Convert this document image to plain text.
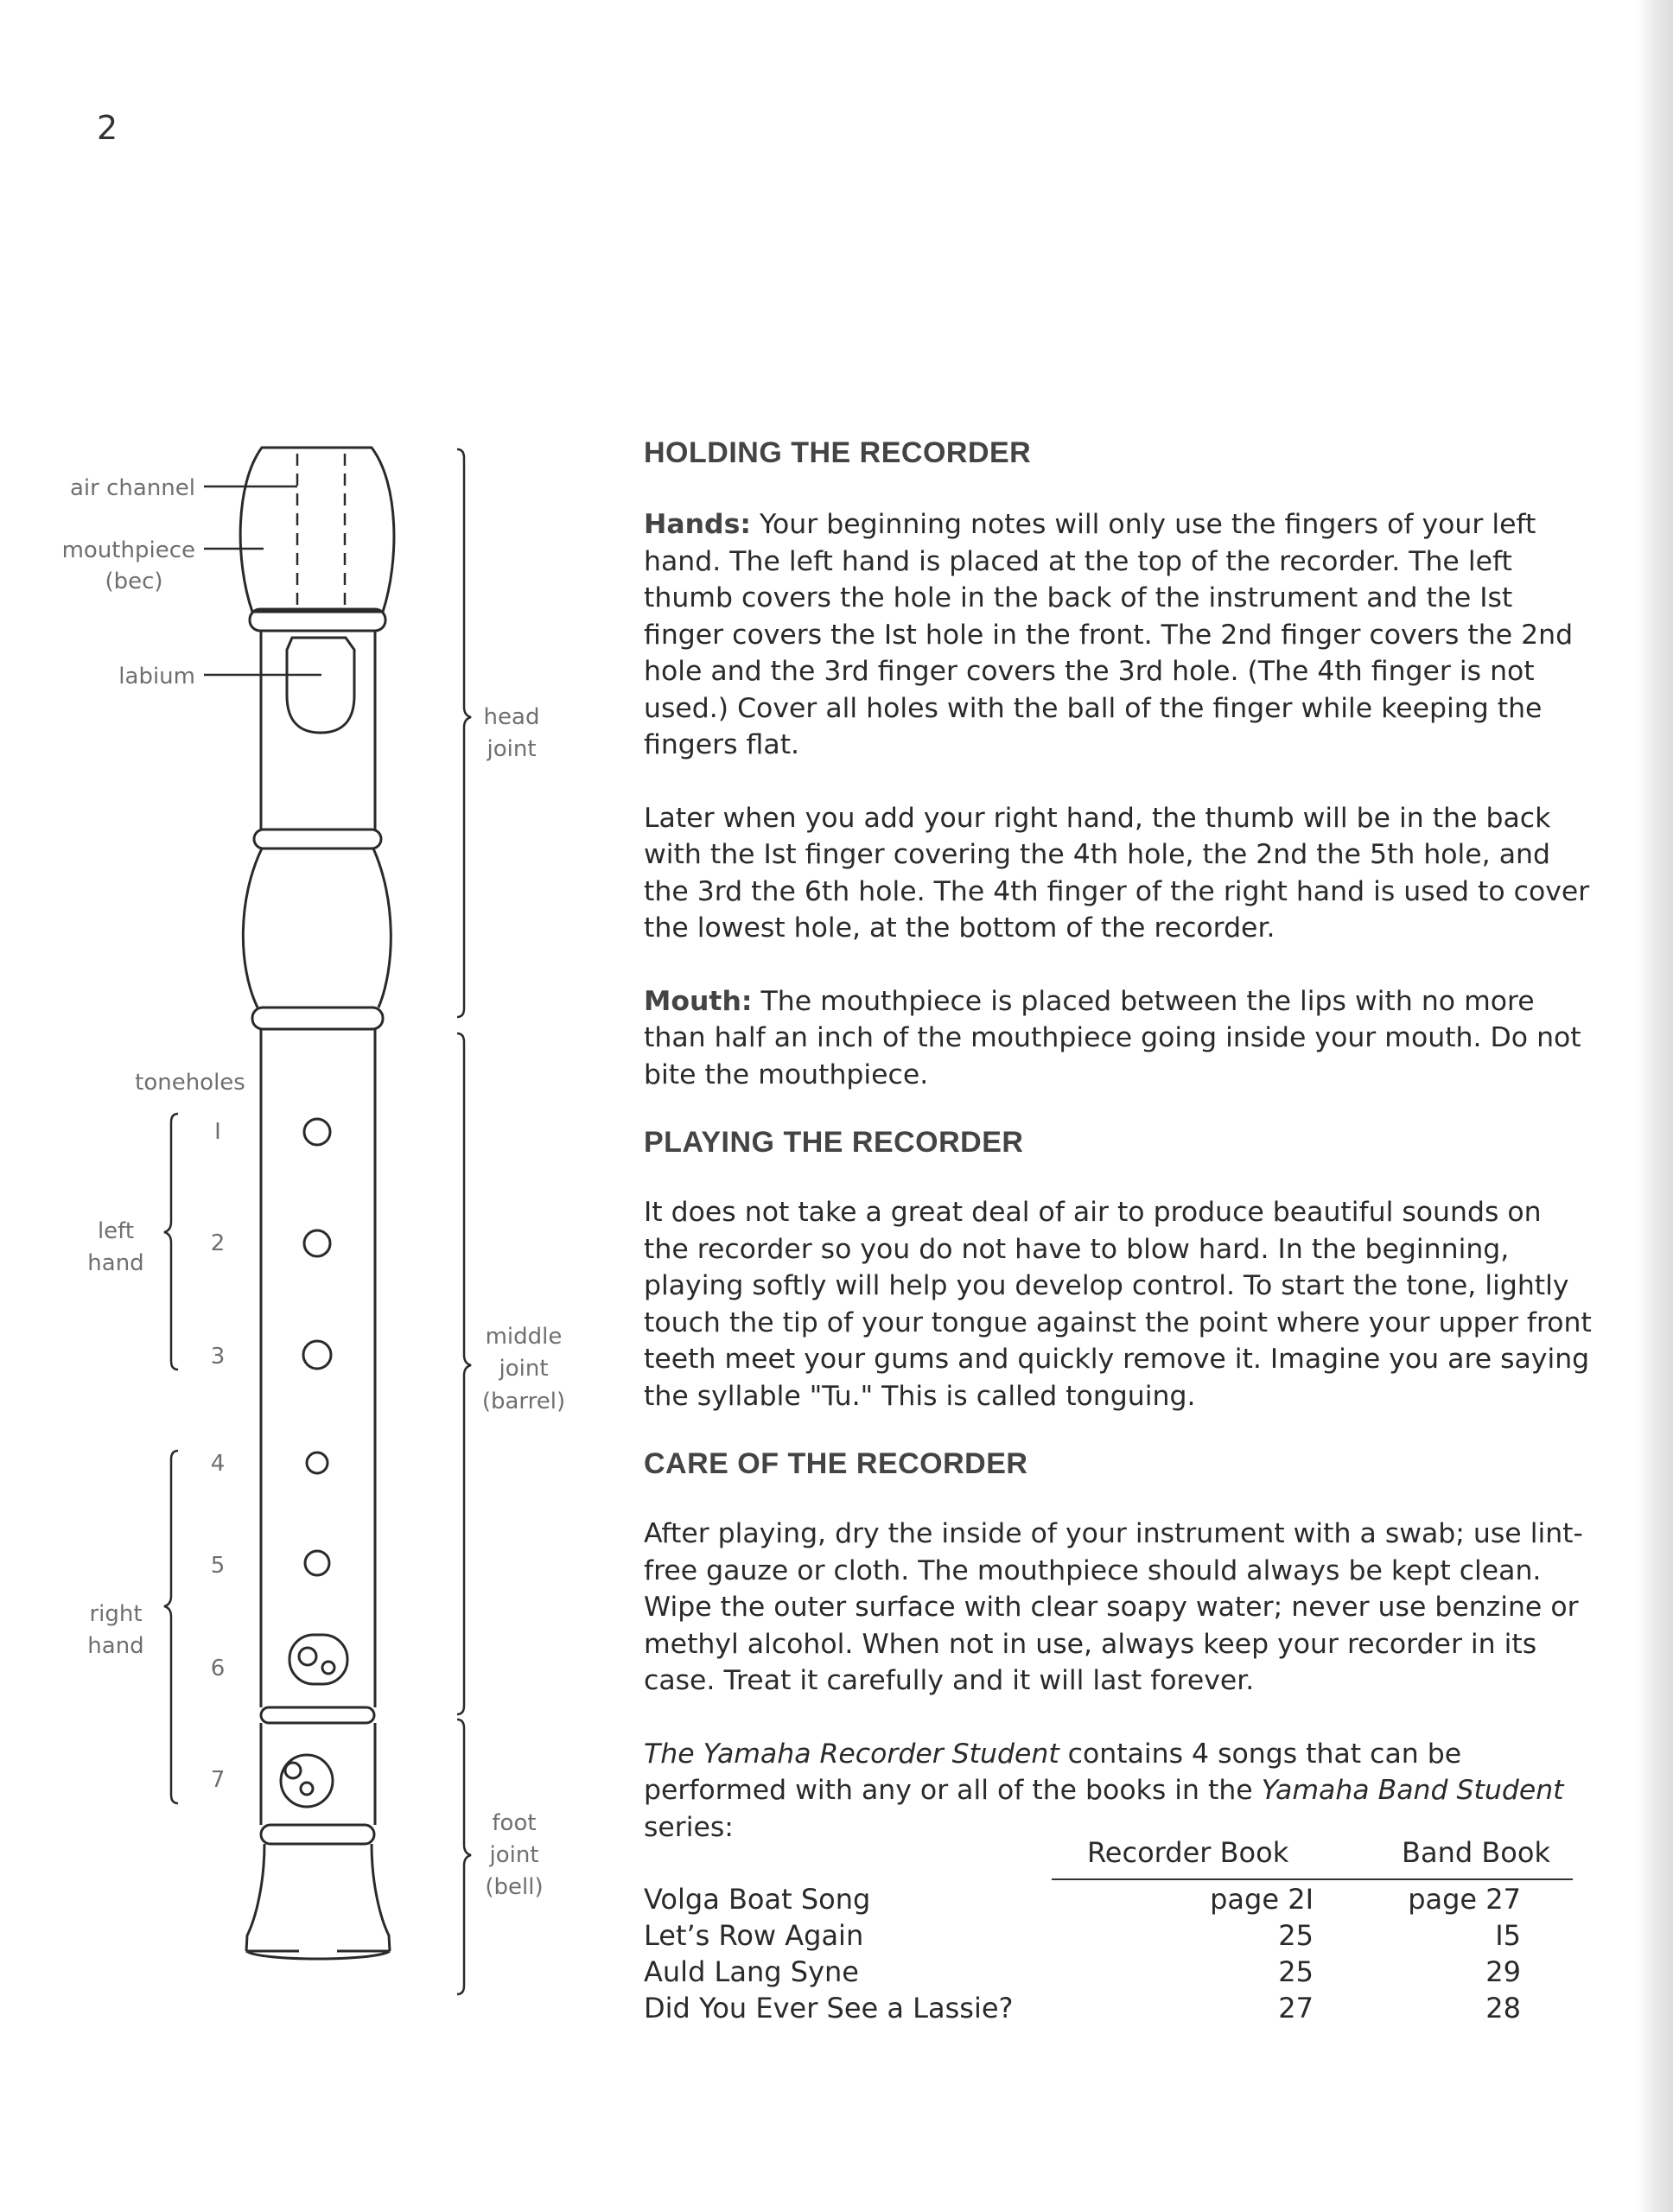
2
air channel
mouthpiece
(bec)
labium
head
joint
toneholes
I
2
3
4
5
6
7
left
hand
middle
joint
(barrel)
right
hand
foot
joint
(bell)
HOLDING THE RECORDER

Hands: Your beginning notes will only use the fingers of your left hand. The left hand is placed at the top of the recorder. The left thumb covers the hole in the back of the instrument and the Ist finger covers the Ist hole in the front. The 2nd finger covers the 2nd hole and the 3rd finger covers the 3rd hole. (The 4th finger is not used.) Cover all holes with the ball of the finger while keeping the fingers flat.

Later when you add your right hand, the thumb will be in the back with the Ist finger covering the 4th hole, the 2nd the 5th hole, and the 3rd the 6th hole. The 4th finger of the right hand is used to cover the lowest hole, at the bottom of the recorder.

Mouth: The mouthpiece is placed between the lips with no more than half an inch of the mouthpiece going inside your mouth. Do not bite the mouthpiece.

PLAYING THE RECORDER

It does not take a great deal of air to produce beautiful sounds on the recorder so you do not have to blow hard. In the beginning, playing softly will help you develop control. To start the tone, lightly touch the tip of your tongue against the point where your upper front teeth meet your gums and quickly remove it. Imagine you are saying the syllable "Tu." This is called tonguing.

CARE OF THE RECORDER

After playing, dry the inside of your instrument with a swab; use lint-free gauze or cloth. The mouthpiece should always be kept clean. Wipe the outer surface with clear soapy water; never use benzine or methyl alcohol. When not in use, always keep your recorder in its case. Treat it carefully and it will last forever.

The Yamaha Recorder Student contains 4 songs that can be performed with any or all of the books in the Yamaha Band Student series:

Recorder Book	Band Book
Volga Boat Song	page 2I	page 27
Let’s Row Again	25	I5
Auld Lang Syne	25	29
Did You Ever See a Lassie?	27	28
